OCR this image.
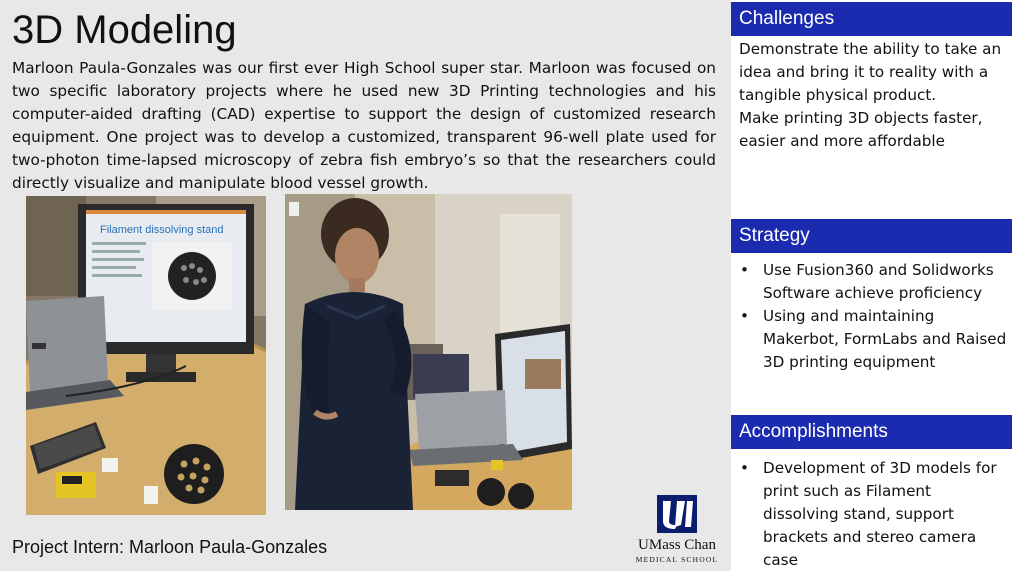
3D Modeling

Marloon Paula-Gonzales was our first ever High School super star. Marloon was focused on two specific laboratory projects where he used new 3D Printing technologies and his computer-aided drafting (CAD) expertise to support the design of customized research equipment. One project was to develop a customized, transparent 96-well plate used for two-photon time-lapsed microscopy of zebra fish embryo’s so that the researchers could directly visualize and manipulate blood vessel growth.

Filament dissolving stand
Project Intern: Marloon Paula-Gonzales	UMass Chan
MEDICAL SCHOOL
Challenges

Demonstrate the ability to take an idea and bring it to reality with a tangible physical product.

Make printing 3D objects faster, easier and more affordable

Strategy
• Use Fusion360 and Solidworks Software achieve proficiency
• Using and maintaining Makerbot, FormLabs and Raised 3D printing equipment
Accomplishments
• Development of 3D models for print such as Filament dissolving stand, support brackets and stereo camera case
